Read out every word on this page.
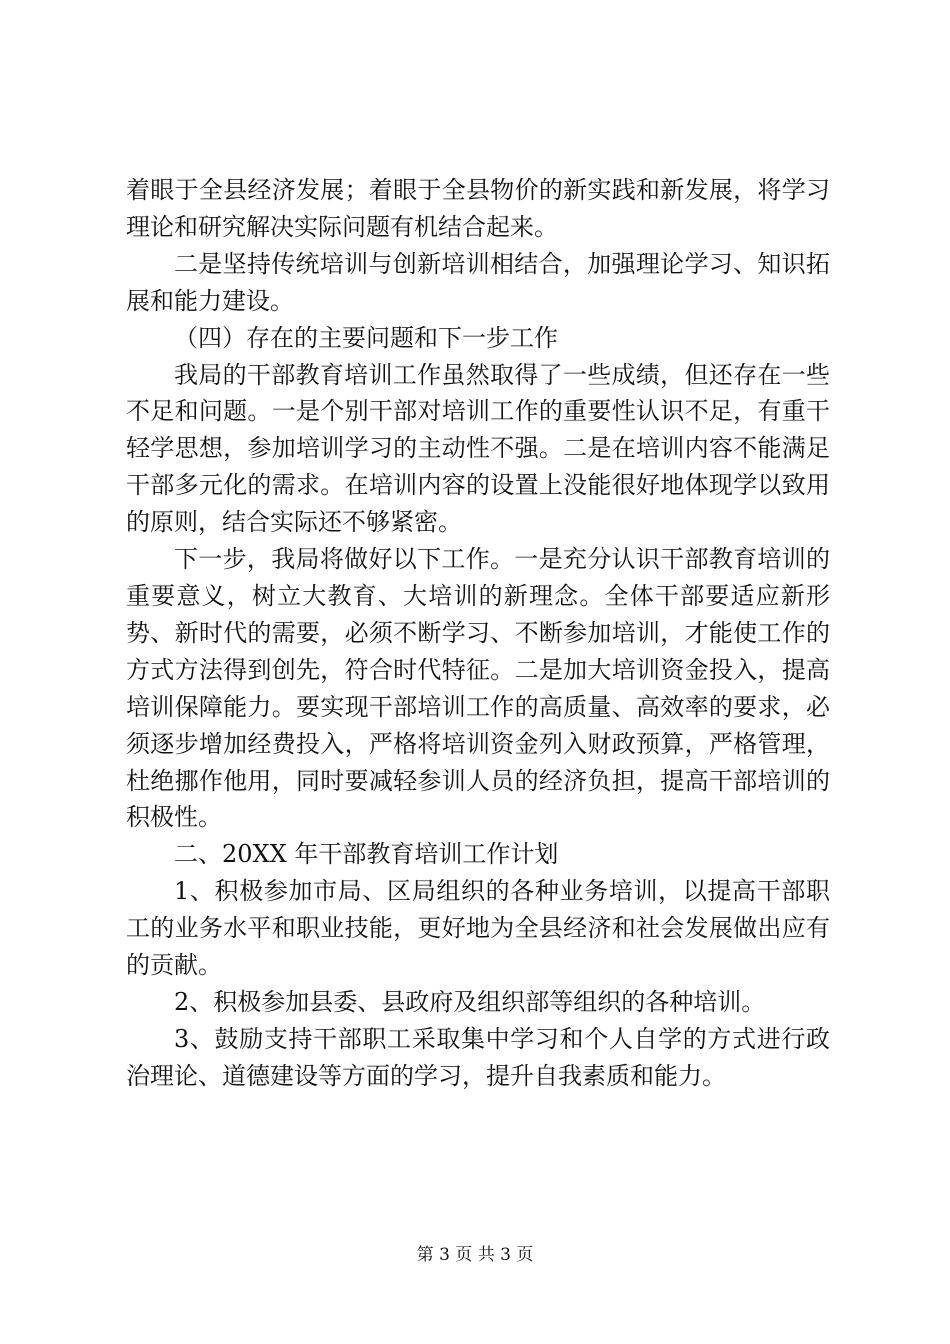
着眼于全县经济发展；着眼于全县物价的新实践和新发展，将学习理论和研究解决实际问题有机结合起来。

二是坚持传统培训与创新培训相结合，加强理论学习、知识拓展和能力建设。

（四）存在的主要问题和下一步工作

我局的干部教育培训工作虽然取得了一些成绩，但还存在一些不足和问题。一是个别干部对培训工作的重要性认识不足，有重干轻学思想，参加培训学习的主动性不强。二是在培训内容不能满足干部多元化的需求。在培训内容的设置上没能很好地体现学以致用的原则，结合实际还不够紧密。

下一步，我局将做好以下工作。一是充分认识干部教育培训的重要意义，树立大教育、大培训的新理念。全体干部要适应新形势、新时代的需要，必须不断学习、不断参加培训，才能使工作的方式方法得到创先，符合时代特征。二是加大培训资金投入，提高培训保障能力。要实现干部培训工作的高质量、高效率的要求，必须逐步增加经费投入，严格将培训资金列入财政预算，严格管理，杜绝挪作他用，同时要减轻参训人员的经济负担，提高干部培训的积极性。

二、20XX 年干部教育培训工作计划

1、积极参加市局、区局组织的各种业务培训，以提高干部职工的业务水平和职业技能，更好地为全县经济和社会发展做出应有的贡献。

2、积极参加县委、县政府及组织部等组织的各种培训。

3、鼓励支持干部职工采取集中学习和个人自学的方式进行政治理论、道德建设等方面的学习，提升自我素质和能力。

第 3 页 共 3 页
